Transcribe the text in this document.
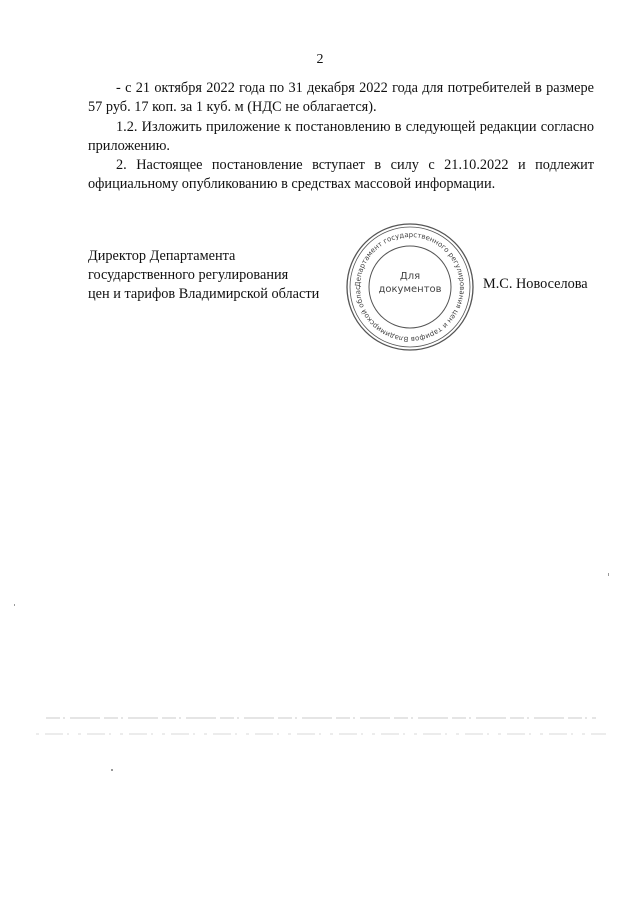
2
- с 21 октября 2022 года по 31 декабря 2022 года для потребителей в размере 57 руб. 17 коп. за 1 куб. м (НДС не облагается).
1.2. Изложить приложение к постановлению в следующей редакции согласно приложению.
2. Настоящее постановление вступает в силу с 21.10.2022 и подлежит официальному опубликованию в средствах массовой информации.
Директор Департамента
государственного регулирования
цен и тарифов Владимирской области
Департамент государственного регулирования цен и тарифов Владимирской облас
Для
документов	М.С. Новоселова
